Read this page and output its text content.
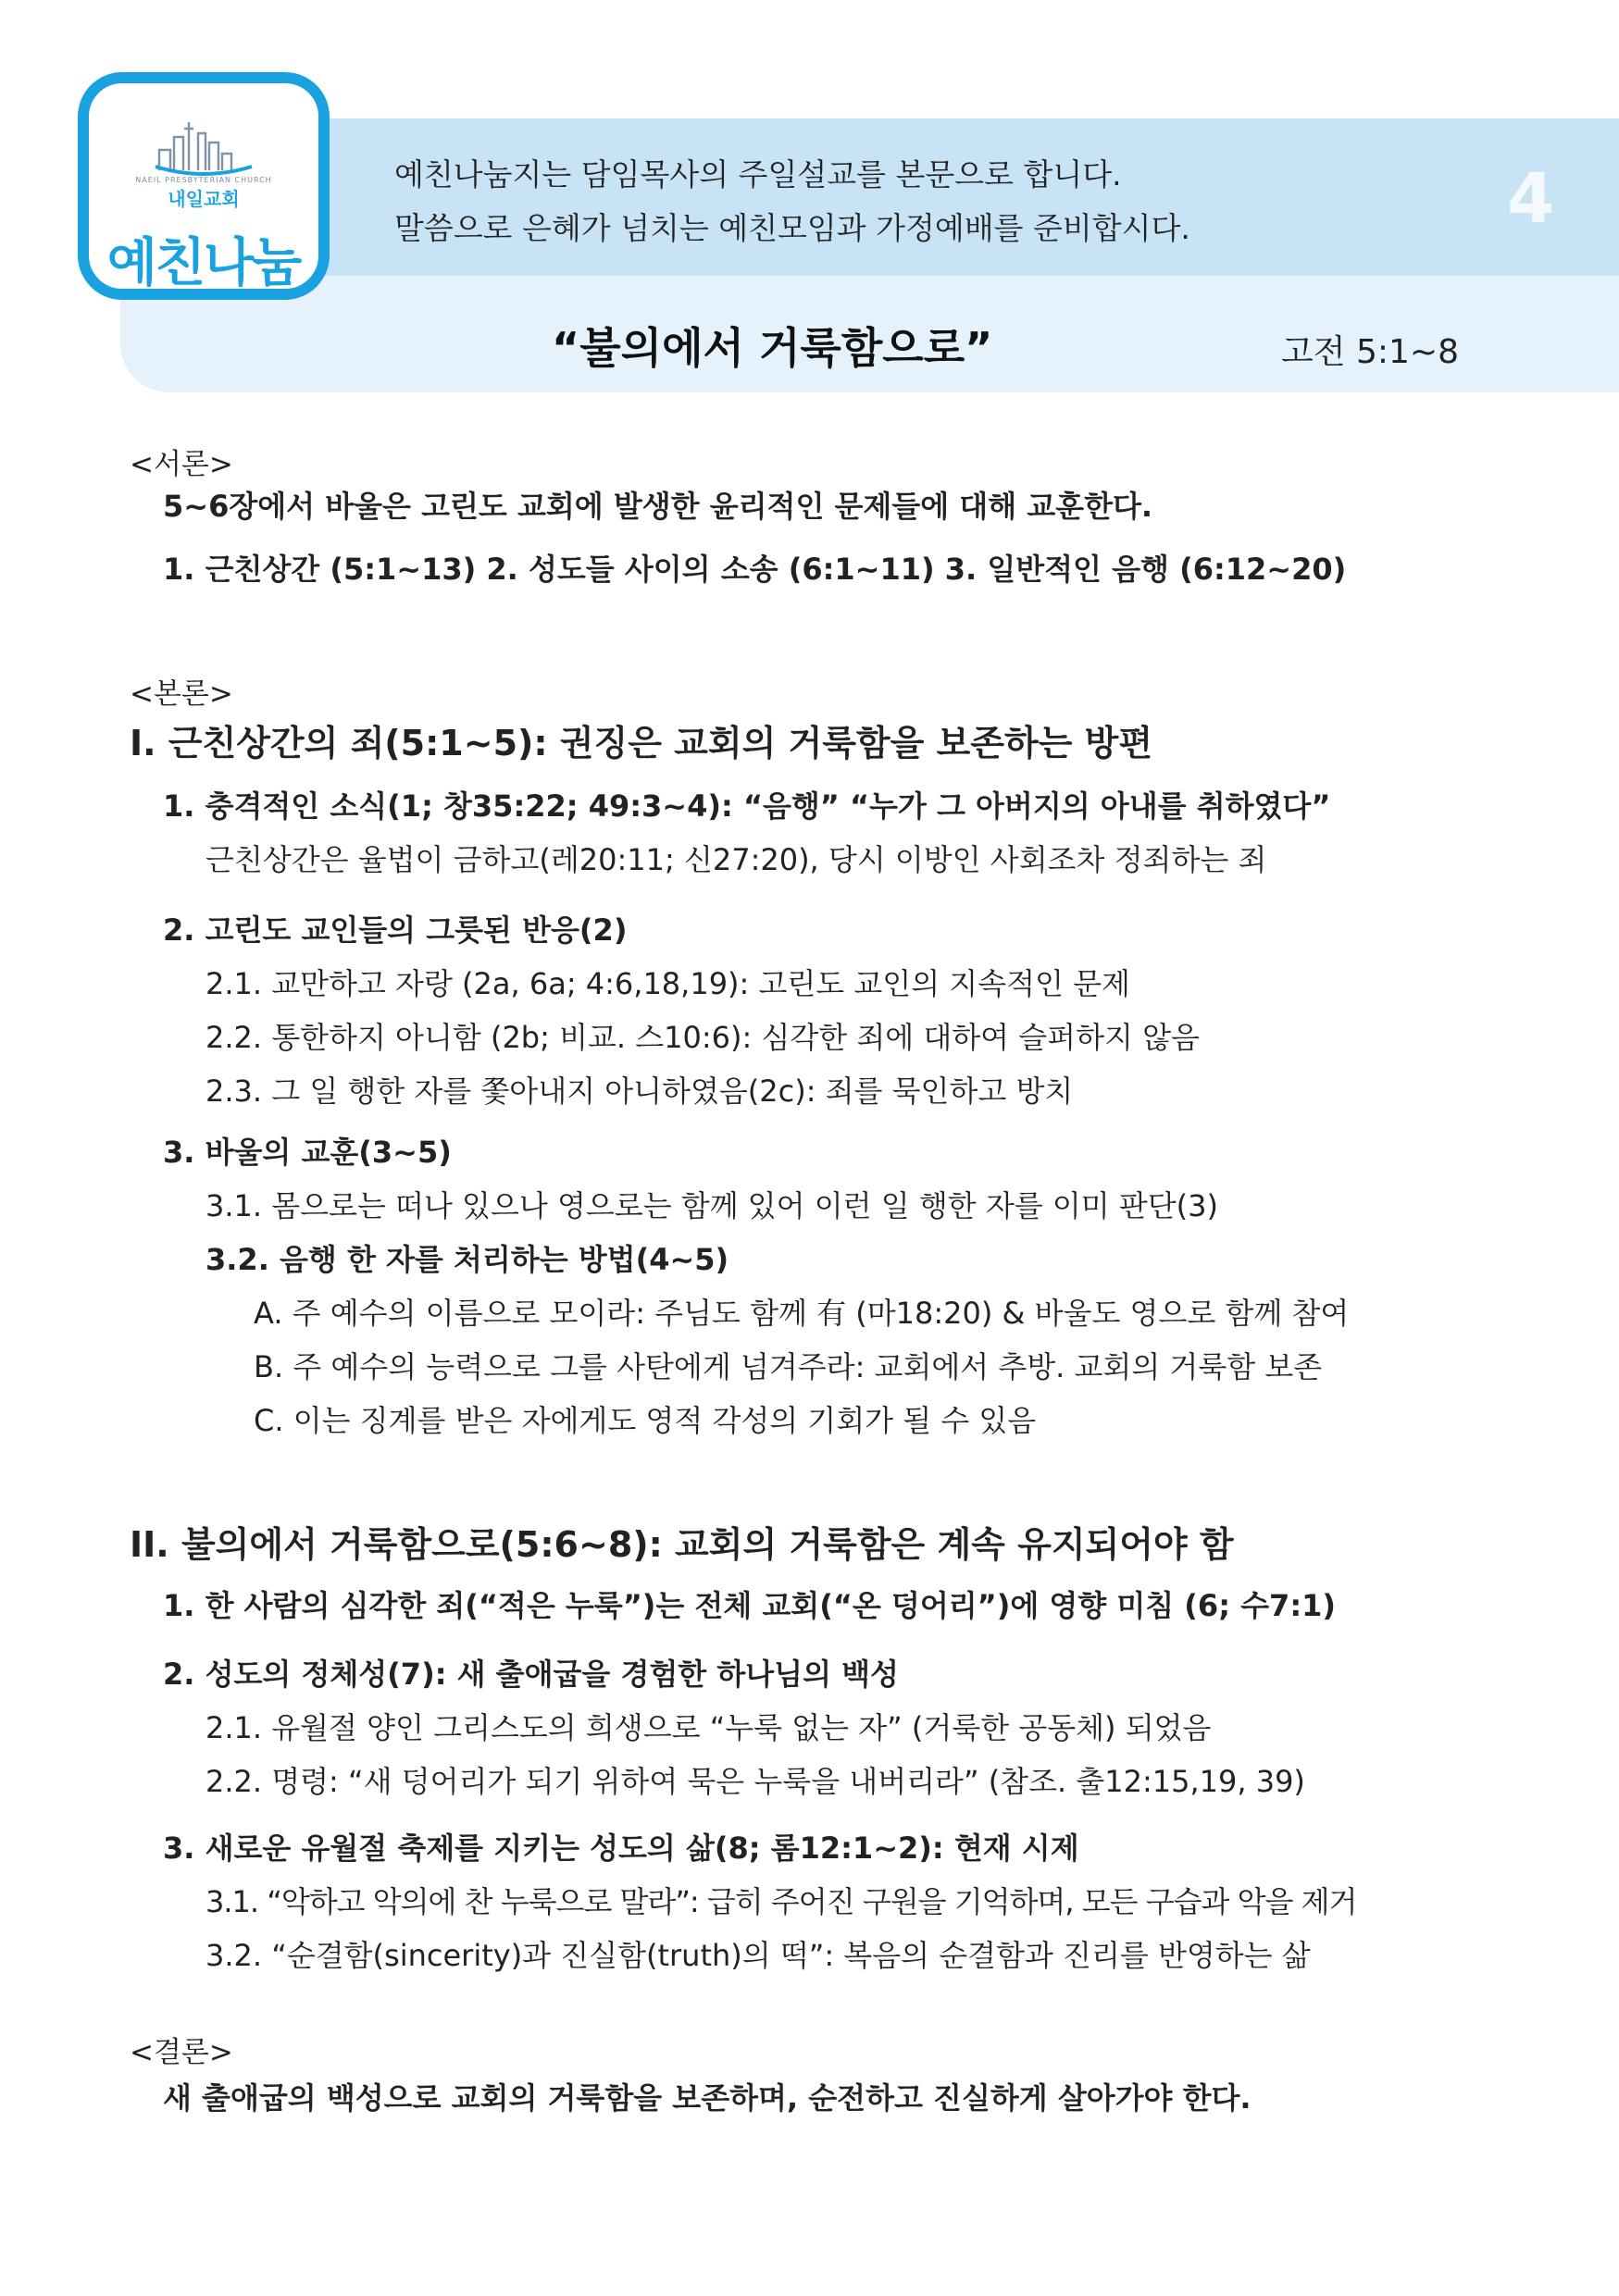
NAEIL PRESBYTERIAN CHURCH
내일교회
예친나눔
예친나눔지는 담임목사의 주일설교를 본문으로 합니다.
말씀으로 은혜가 넘치는 예친모임과 가정예배를 준비합시다.	4
“불의에서 거룩함으로”	고전 5:1~8
<서론>
5~6장에서 바울은 고린도 교회에 발생한 윤리적인 문제들에 대해 교훈한다.
1. 근친상간 (5:1~13) 2. 성도들 사이의 소송 (6:1~11) 3. 일반적인 음행 (6:12~20)
<본론>
I. 근친상간의 죄(5:1~5): 권징은 교회의 거룩함을 보존하는 방편
1. 충격적인 소식(1; 창35:22; 49:3~4): “음행” “누가 그 아버지의 아내를 취하였다”
근친상간은 율법이 금하고(레20:11; 신27:20), 당시 이방인 사회조차 정죄하는 죄
2. 고린도 교인들의 그릇된 반응(2)
2.1. 교만하고 자랑 (2a, 6a; 4:6,18,19): 고린도 교인의 지속적인 문제
2.2. 통한하지 아니함 (2b; 비교. 스10:6): 심각한 죄에 대하여 슬퍼하지 않음
2.3. 그 일 행한 자를 쫓아내지 아니하였음(2c): 죄를 묵인하고 방치
3. 바울의 교훈(3~5)
3.1. 몸으로는 떠나 있으나 영으로는 함께 있어 이런 일 행한 자를 이미 판단(3)
3.2. 음행 한 자를 처리하는 방법(4~5)
A. 주 예수의 이름으로 모이라: 주님도 함께 有 (마18:20) & 바울도 영으로 함께 참여
B. 주 예수의 능력으로 그를 사탄에게 넘겨주라: 교회에서 추방. 교회의 거룩함 보존
C. 이는 징계를 받은 자에게도 영적 각성의 기회가 될 수 있음
II. 불의에서 거룩함으로(5:6~8): 교회의 거룩함은 계속 유지되어야 함
1. 한 사람의 심각한 죄(“적은 누룩”)는 전체 교회(“온 덩어리”)에 영향 미침 (6; 수7:1)
2. 성도의 정체성(7): 새 출애굽을 경험한 하나님의 백성
2.1. 유월절 양인 그리스도의 희생으로 “누룩 없는 자” (거룩한 공동체) 되었음
2.2. 명령: “새 덩어리가 되기 위하여 묵은 누룩을 내버리라” (참조. 출12:15,19, 39)
3. 새로운 유월절 축제를 지키는 성도의 삶(8; 롬12:1~2): 현재 시제
3.1. “악하고 악의에 찬 누룩으로 말라”: 급히 주어진 구원을 기억하며, 모든 구습과 악을 제거
3.2. “순결함(sincerity)과 진실함(truth)의 떡”: 복음의 순결함과 진리를 반영하는 삶
<결론>
새 출애굽의 백성으로 교회의 거룩함을 보존하며, 순전하고 진실하게 살아가야 한다.
